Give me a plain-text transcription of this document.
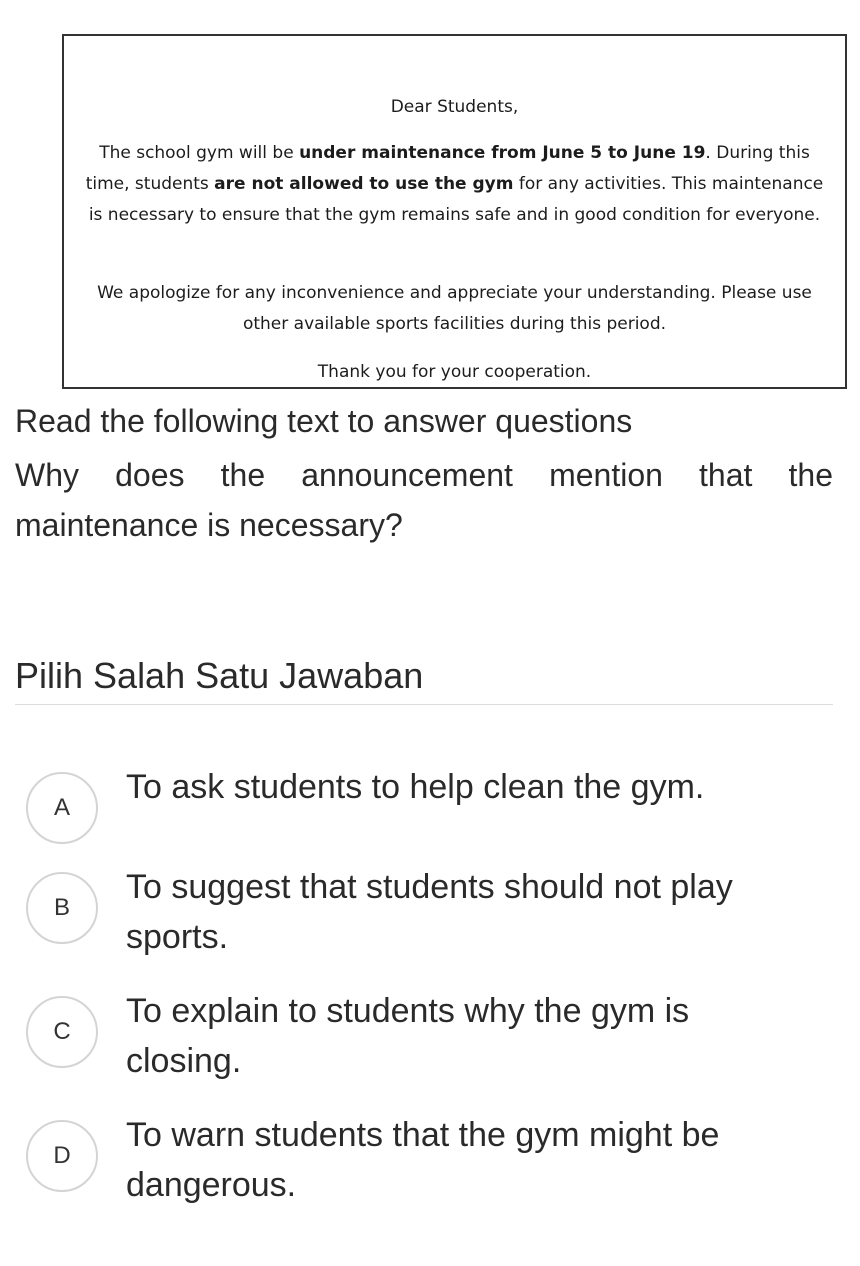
Dear Students,
The school gym will be under maintenance from June 5 to June 19. During this time, students are not allowed to use the gym for any activities. This maintenance is necessary to ensure that the gym remains safe and in good condition for everyone.
We apologize for any inconvenience and appreciate your understanding. Please use other available sports facilities during this period.
Thank you for your cooperation.
Read the following text to answer questions
Why does the announcement mention that the maintenance is necessary?
Pilih Salah Satu Jawaban
A
To ask students to help clean the gym.
B
To suggest that students should not play sports.
C
To explain to students why the gym is closing.
D
To warn students that the gym might be dangerous.
